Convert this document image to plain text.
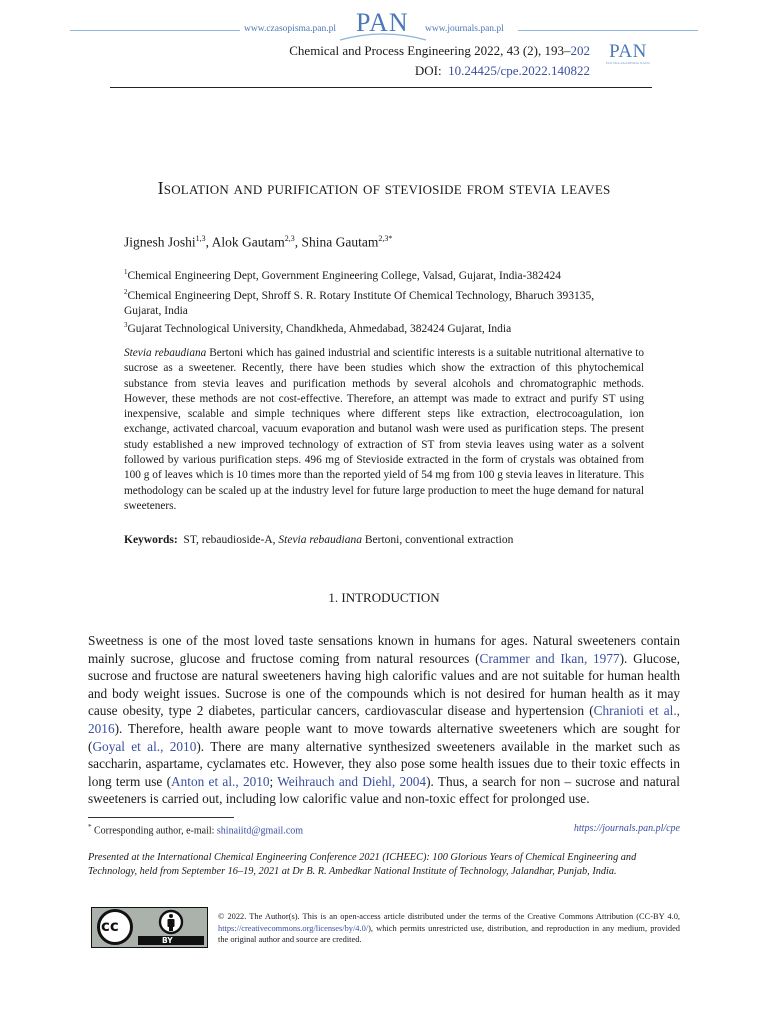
www.czasopisma.pan.pl PAN www.journals.pan.pl
Chemical and Process Engineering 2022, 43 (2), 193–202
DOI: 10.24425/cpe.2022.140822
PAN
POLSKA AKADEMIA NAUK
Isolation and purification of stevioside from stevia leaves
Jignesh Joshi$^{1,3}$, Alok Gautam$^{2,3}$, Shina Gautam$^{2,3*}$
$^1$Chemical Engineering Dept, Government Engineering College, Valsad, Gujarat, India-382424
$^2$Chemical Engineering Dept, Shroff S. R. Rotary Institute Of Chemical Technology, Bharuch 393135,
Gujarat, India
$^3$Gujarat Technological University, Chandkheda, Ahmedabad, 382424 Gujarat, India
Stevia rebaudiana Bertoni which has gained industrial and scientific interests is a suitable nutritional alternative to sucrose as a sweetener. Recently, there have been studies which show the extraction of this phytochemical substance from stevia leaves and purification methods by several alcohols and chromatographic methods. However, these methods are not cost-effective. Therefore, an attempt was made to extract and purify ST using inexpensive, scalable and simple techniques where different steps like extraction, electrocoagulation, ion exchange, activated charcoal, vacuum evaporation and butanol wash were used as purification steps. The present study established a new improved technology of extraction of ST from stevia leaves using water as a solvent followed by various purification steps. 496 mg of Stevioside extracted in the form of crystals was obtained from 100 g of leaves which is 10 times more than the reported yield of 54 mg from 100 g stevia leaves in literature. This methodology can be scaled up at the industry level for future large production to meet the huge demand for natural sweeteners.
Keywords: ST, rebaudioside-A, Stevia rebaudiana Bertoni, conventional extraction
1. INTRODUCTION
Sweetness is one of the most loved taste sensations known in humans for ages. Natural sweeteners contain mainly sucrose, glucose and fructose coming from natural resources (Crammer and Ikan, 1977). Glucose, sucrose and fructose are natural sweeteners having high calorific values and are not suitable for human health and body weight issues. Sucrose is one of the compounds which is not desired for human health as it may cause obesity, type 2 diabetes, particular cancers, cardiovascular disease and hypertension (Chranioti et al., 2016). Therefore, health aware people want to move towards alternative sweeteners which are sought for (Goyal et al., 2010). There are many alternative synthesized sweeteners available in the market such as saccharin, aspartame, cyclamates etc. However, they also pose some health issues due to their toxic effects in long term use (Anton et al., 2010; Weihrauch and Diehl, 2004). Thus, a search for non – sucrose and natural sweeteners is carried out, including low calorific value and non-toxic effect for prolonged use.
* Corresponding author, e-mail: shinaiitd@gmail.com	https://journals.pan.pl/cpe
Presented at the International Chemical Engineering Conference 2021 (ICHEEC): 100 Glorious Years of Chemical Engineering and Technology, held from September 16–19, 2021 at Dr B. R. Ambedkar National Institute of Technology, Jalandhar, Punjab, India.
cc
BY
© 2022. The Author(s). This is an open-access article distributed under the terms of the Creative Commons Attribution (CC-BY 4.0, https://creativecommons.org/licenses/by/4.0/), which permits unrestricted use, distribution, and reproduction in any medium, provided the original author and source are credited.
